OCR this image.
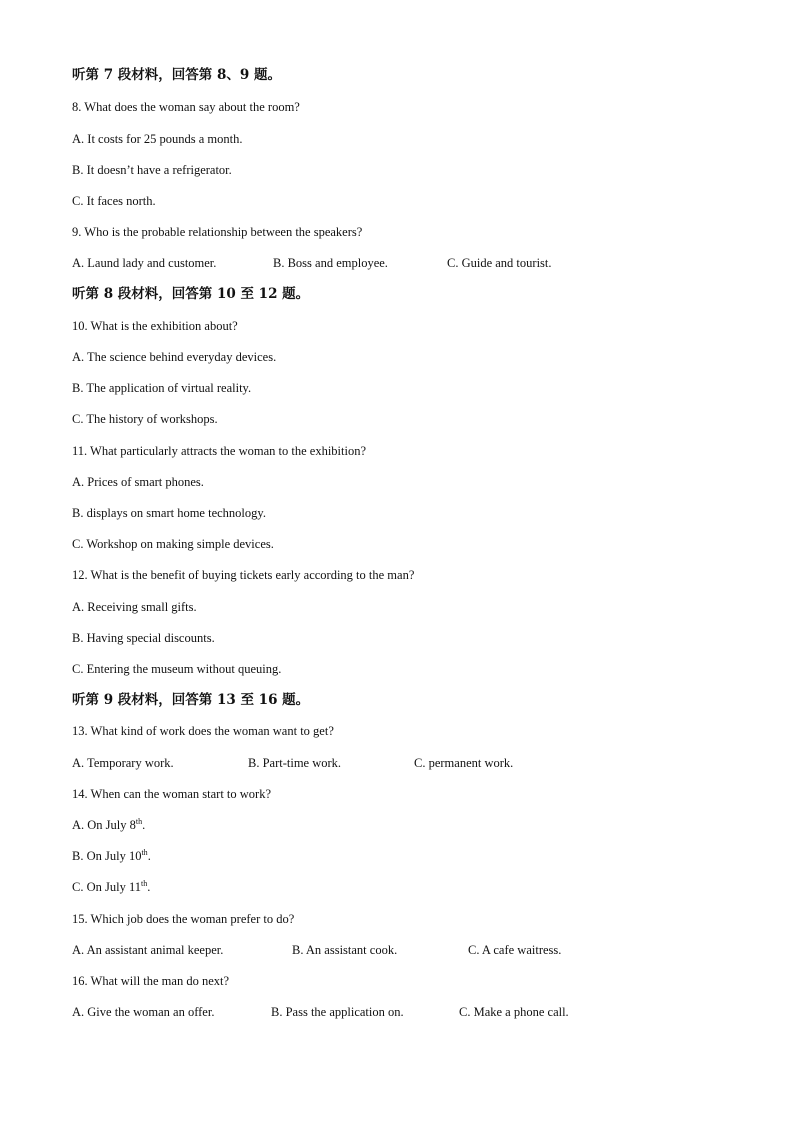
听第 7 段材料，回答第 8、9 题。
8. What does the woman say about the room?
A. It costs for 25 pounds a month.
B. It doesn’t have a refrigerator.
C. It faces north.
9. Who is the probable relationship between the speakers?
A. Laund lady and customer.	B. Boss and employee.	C. Guide and tourist.
听第 8 段材料，回答第 10 至 12 题。
10. What is the exhibition about?
A. The science behind everyday devices.
B. The application of virtual reality.
C. The history of workshops.
11. What particularly attracts the woman to the exhibition?
A. Prices of smart phones.
B. displays on smart home technology.
C. Workshop on making simple devices.
12. What is the benefit of buying tickets early according to the man?
A. Receiving small gifts.
B. Having special discounts.
C. Entering the museum without queuing.
听第 9 段材料，回答第 13 至 16 题。
13. What kind of work does the woman want to get?
A. Temporary work.	B. Part-time work.	C. permanent work.
14. When can the woman start to work?
A. On July 8th.
B. On July 10th.
C. On July 11th.
15. Which job does the woman prefer to do?
A. An assistant animal keeper.	B. An assistant cook.	C. A cafe waitress.
16. What will the man do next?
A. Give the woman an offer.	B. Pass the application on.	C. Make a phone call.
